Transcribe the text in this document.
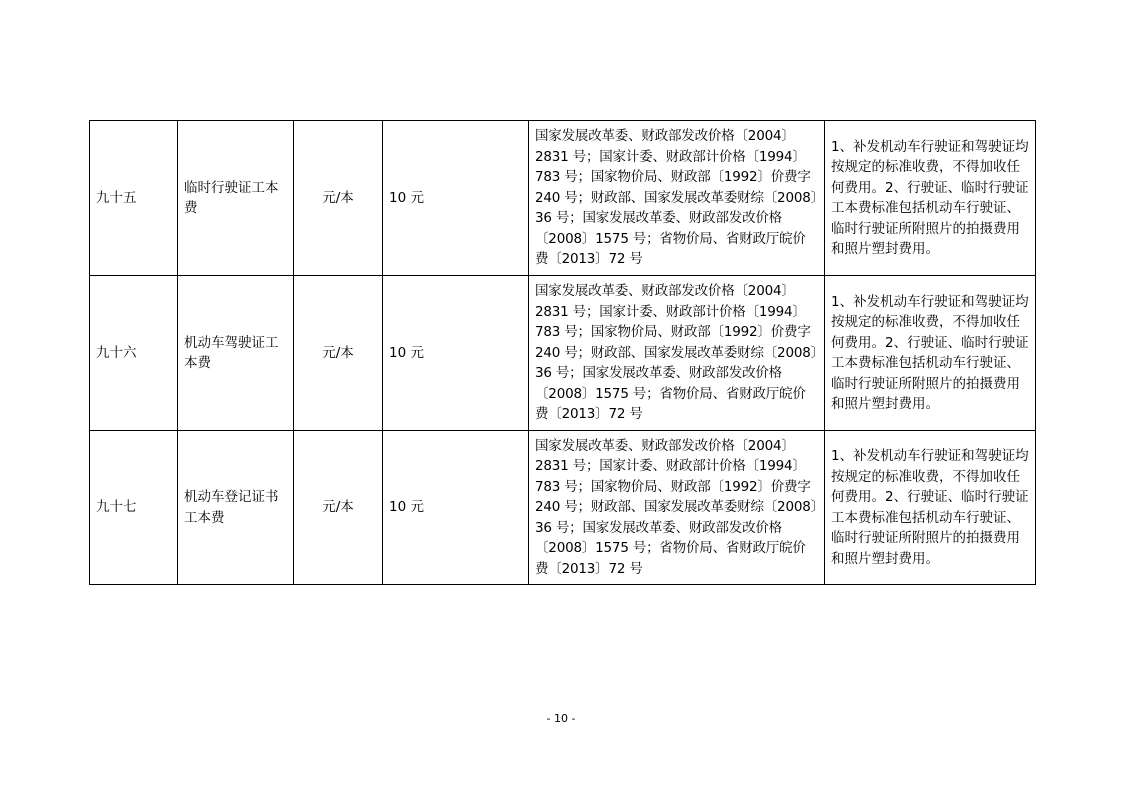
九十五	临时行驶证工本费	元/本	10 元	国家发展改革委、财政部发改价格〔2004〕2831 号；国家计委、财政部计价格〔1994〕783 号；国家物价局、财政部〔1992〕价费字 240 号；财政部、国家发展改革委财综〔2008〕36 号；国家发展改革委、财政部发改价格〔2008〕1575 号；省物价局、省财政厅皖价费〔2013〕72 号	1、补发机动车行驶证和驾驶证均按规定的标准收费，不得加收任何费用。2、行驶证、临时行驶证工本费标准包括机动车行驶证、临时行驶证所附照片的拍摄费用和照片塑封费用。
九十六	机动车驾驶证工本费	元/本	10 元	国家发展改革委、财政部发改价格〔2004〕2831 号；国家计委、财政部计价格〔1994〕783 号；国家物价局、财政部〔1992〕价费字 240 号；财政部、国家发展改革委财综〔2008〕36 号；国家发展改革委、财政部发改价格〔2008〕1575 号；省物价局、省财政厅皖价费〔2013〕72 号	1、补发机动车行驶证和驾驶证均按规定的标准收费，不得加收任何费用。2、行驶证、临时行驶证工本费标准包括机动车行驶证、临时行驶证所附照片的拍摄费用和照片塑封费用。
九十七	机动车登记证书工本费	元/本	10 元	国家发展改革委、财政部发改价格〔2004〕2831 号；国家计委、财政部计价格〔1994〕783 号；国家物价局、财政部〔1992〕价费字 240 号；财政部、国家发展改革委财综〔2008〕36 号；国家发展改革委、财政部发改价格〔2008〕1575 号；省物价局、省财政厅皖价费〔2013〕72 号	1、补发机动车行驶证和驾驶证均按规定的标准收费，不得加收任何费用。2、行驶证、临时行驶证工本费标准包括机动车行驶证、临时行驶证所附照片的拍摄费用和照片塑封费用。
- 10 -
